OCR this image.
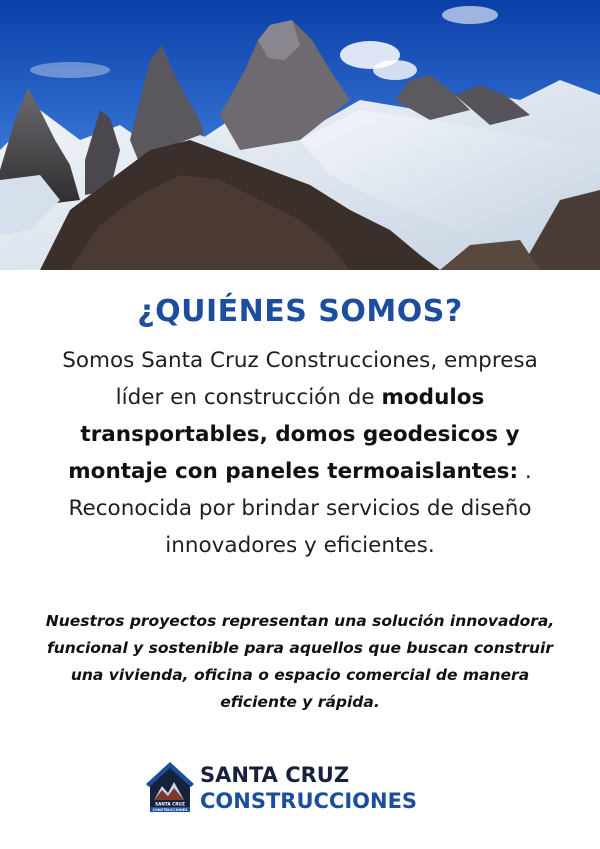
¿QUIÉNES SOMOS?
Somos Santa Cruz Construcciones, empresa líder en construcción de modulos transportables, domos geodesicos y montaje con paneles termoaislantes: . Reconocida por brindar servicios de diseño innovadores y eficientes.
Nuestros proyectos representan una solución innovadora, funcional y sostenible para aquellos que buscan construir una vivienda, oficina o espacio comercial de manera eficiente y rápida.
SANTA CRUZ
CONSTRUCCIONES
SANTA CRUZ
CONSTRUCCIONES
